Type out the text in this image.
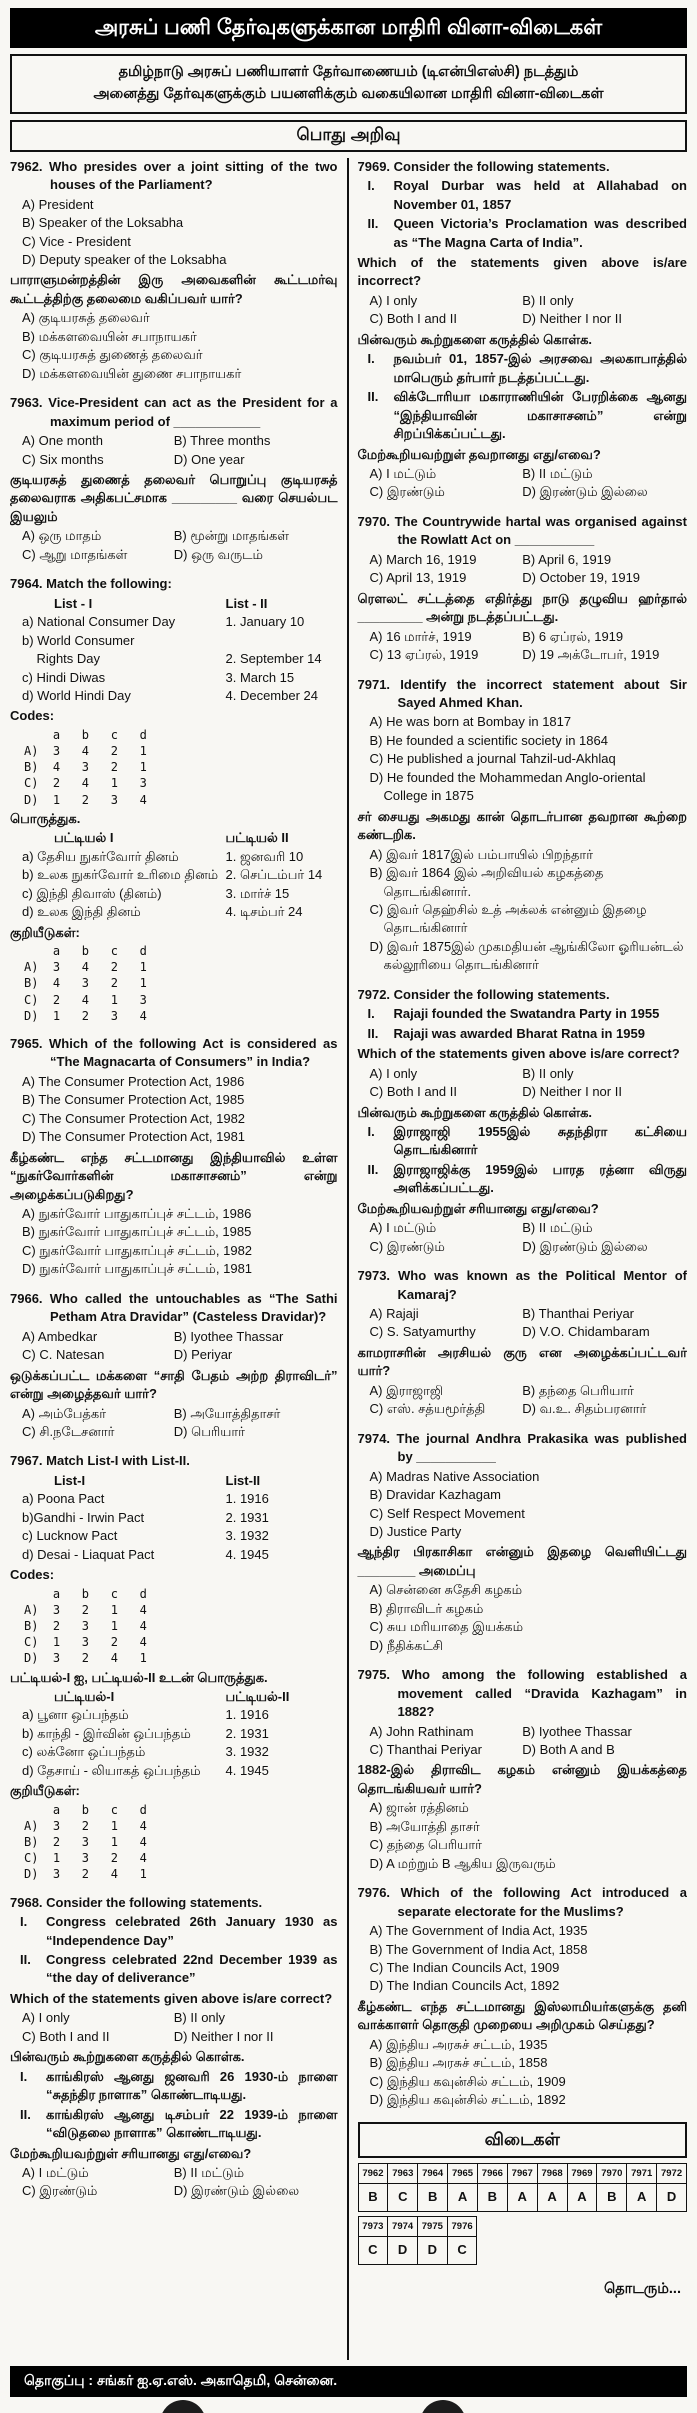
அரசுப் பணி தேர்வுகளுக்கான மாதிரி வினா-விடைகள்
தமிழ்நாடு அரசுப் பணியாளர் தேர்வாணையம் (டிஎன்பிஎஸ்சி) நடத்தும்
அனைத்து தேர்வுகளுக்கும் பயனளிக்கும் வகையிலான மாதிரி வினா-விடைகள்
பொது அறிவு
7962. Who presides over a joint sitting of the two houses of the Parliament?
A) President
B) Speaker of the Loksabha
C) Vice - President
D) Deputy speaker of the Loksabha
பாராளுமன்றத்தின் இரு அவைகளின் கூட்டமர்வு கூட்டத்திற்கு தலைமை வகிப்பவர் யார்?
A) குடியரசுத் தலைவர்
B) மக்களவையின் சபாநாயகர்
C) குடியரசுத் துணைத் தலைவர்
D) மக்களவையின் துணை சபாநாயகர்
7963. Vice-President can act as the President for a maximum period of ____________
A) One month	B) Three months
C) Six months	D) One year
குடியரசுத் துணைத் தலைவர் பொறுப்பு குடியரசுத் தலைவராக அதிகபட்சமாக _________ வரை செயல்பட இயலும்
A) ஒரு மாதம்	B) மூன்று மாதங்கள்
C) ஆறு மாதங்கள்	D) ஒரு வருடம்
7964. Match the following:
List - I	List - II
a) National Consumer Day	1. January 10
b) World Consumer
Rights Day	2. September 14
c) Hindi Diwas	3. March 15
d) World Hindi Day	4. December 24
Codes:
a   b   c   d
A)  3   4   2   1
B)  4   3   2   1
C)  2   4   1   3
D)  1   2   3   4
பொருத்துக.
பட்டியல் I	பட்டியல் II
a) தேசிய நுகர்வோர் தினம்	1. ஜனவரி 10
b) உலக நுகர்வோர் உரிமை தினம் 2. செப்டம்பர் 14
c) இந்தி திவாஸ் (தினம்)	3. மார்ச் 15
d) உலக இந்தி தினம்	4. டிசம்பர் 24
குறியீடுகள்:
a   b   c   d
A)  3   4   2   1
B)  4   3   2   1
C)  2   4   1   3
D)  1   2   3   4
7965. Which of the following Act is considered as “The Magnacarta of Consumers” in India?
A) The Consumer Protection Act, 1986
B) The Consumer Protection Act, 1985
C) The Consumer Protection Act, 1982
D) The Consumer Protection Act, 1981
கீழ்கண்ட எந்த சட்டமானது இந்தியாவில் உள்ள “நுகர்வோர்களின் மகாசாசனம்” என்று அழைக்கப்படுகிறது?
A) நுகர்வோர் பாதுகாப்புச் சட்டம், 1986
B) நுகர்வோர் பாதுகாப்புச் சட்டம், 1985
C) நுகர்வோர் பாதுகாப்புச் சட்டம், 1982
D) நுகர்வோர் பாதுகாப்புச் சட்டம், 1981
7966. Who called the untouchables as “The Sathi Petham Atra Dravidar” (Casteless Dravidar)?
A) Ambedkar	B) Iyothee Thassar
C) C. Natesan	D) Periyar
ஒடுக்கப்பட்ட மக்களை “சாதி பேதம் அற்ற திராவிடர்” என்று அழைத்தவர் யார்?
A) அம்பேத்கர்	B) அயோத்திதாசர்
C) சி.நடேசனார்	D) பெரியார்
7967. Match List-I with List-II.
List-I	List-II
a) Poona Pact	1. 1916
b)Gandhi - Irwin Pact	2. 1931
c) Lucknow Pact	3. 1932
d) Desai - Liaquat Pact	4. 1945
Codes:
a   b   c   d
A)  3   2   1   4
B)  2   3   1   4
C)  1   3   2   4
D)  3   2   4   1
பட்டியல்-I ஐ, பட்டியல்-II உடன் பொருத்துக.
பட்டியல்-I	பட்டியல்-II
a) பூனா ஒப்பந்தம்	1. 1916
b) காந்தி - இர்வின் ஒப்பந்தம்	2. 1931
c) லக்னோ ஒப்பந்தம்	3. 1932
d) தேசாய் - லியாகத் ஒப்பந்தம்	4. 1945
குறியீடுகள்:
a   b   c   d
A)  3   2   1   4
B)  2   3   1   4
C)  1   3   2   4
D)  3   2   4   1
7968. Consider the following statements.
I.	Congress celebrated 26th January 1930 as “Independence Day”
II.	Congress celebrated 22nd December 1939 as “the day of deliverance”
Which of the statements given above is/are correct?
A) I only	B) II only
C) Both I and II	D) Neither I nor II
பின்வரும் கூற்றுகளை கருத்தில் கொள்க.
I.	காங்கிரஸ் ஆனது ஜனவரி 26 1930-ம் நாளை “சுதந்திர நாளாக” கொண்டாடியது.
II.	காங்கிரஸ் ஆனது டிசம்பர் 22 1939-ம் நாளை “விடுதலை நாளாக” கொண்டாடியது.
மேற்கூறியவற்றுள் சரியானது எது/எவை?
A) I மட்டும்	B) II மட்டும்
C) இரண்டும்	D) இரண்டும் இல்லை
7969. Consider the following statements.
I.	Royal Durbar was held at Allahabad on November 01, 1857
II.	Queen Victoria’s Proclamation was described as “The Magna Carta of India”.
Which of the statements given above is/are incorrect?
A) I only	B) II only
C) Both I and II	D) Neither I nor II
பின்வரும் கூற்றுகளை கருத்தில் கொள்க.
I.	நவம்பர் 01, 1857-இல் அரசவை அலகாபாத்தில் மாபெரும் தர்பார் நடத்தப்பட்டது.
II.	விக்டோரியா மகாராணியின் பேரறிக்கை ஆனது “இந்தியாவின் மகாசாசனம்” என்று சிறப்பிக்கப்பட்டது.
மேற்கூறியவற்றுள் தவறானது எது/எவை?
A) I மட்டும்	B) II மட்டும்
C) இரண்டும்	D) இரண்டும் இல்லை
7970. The Countrywide hartal was organised against the Rowlatt Act on ___________
A) March 16, 1919	B) April 6, 1919
C) April 13, 1919	D) October 19, 1919
ரெளலட் சட்டத்தை எதிர்த்து நாடு தழுவிய ஹர்தால் _________ அன்று நடத்தப்பட்டது.
A) 16 மார்ச், 1919	B) 6 ஏப்ரல், 1919
C) 13 ஏப்ரல், 1919	D) 19 அக்டோபர், 1919
7971. Identify the incorrect statement about Sir Sayed Ahmed Khan.
A) He was born at Bombay in 1817
B) He founded a scientific society in 1864
C) He published a journal Tahzil-ud-Akhlaq
D) He founded the Mohammedan Anglo-oriental College in 1875
சர் சையது அகமது கான் தொடர்பான தவறான கூற்றை கண்டறிக.
A) இவர் 1817இல் பம்பாயில் பிறந்தார்
B) இவர் 1864 இல் அறிவியல் கழகத்தை தொடங்கினார்.
C) இவர் தெஹ்சில் உத் அக்லக் என்னும் இதழை தொடங்கினார்
D) இவர் 1875இல் முகமதியன் ஆங்கிலோ ஓரியன்டல் கல்லூரியை தொடங்கினார்
7972. Consider the following statements.
I.	Rajaji founded the Swatandra Party in 1955
II.	Rajaji was awarded Bharat Ratna in 1959
Which of the statements given above is/are correct?
A) I only	B) II only
C) Both I and II	D) Neither I nor II
பின்வரும் கூற்றுகளை கருத்தில் கொள்க.
I.	இராஜாஜி 1955இல் சுதந்திரா கட்சியை தொடங்கினார்
II.	இராஜாஜிக்கு 1959இல் பாரத ரத்னா விருது அளிக்கப்பட்டது.
மேற்கூறியவற்றுள் சரியானது எது/எவை?
A) I மட்டும்	B) II மட்டும்
C) இரண்டும்	D) இரண்டும் இல்லை
7973. Who was known as the Political Mentor of Kamaraj?
A) Rajaji	B) Thanthai Periyar
C) S. Satyamurthy	D) V.O. Chidambaram
காமராசரின் அரசியல் குரு என அழைக்கப்பட்டவர் யார்?
A) இராஜாஜி	B) தந்தை பெரியார்
C) எஸ். சத்யமூர்த்தி	D) வ.உ. சிதம்பரனார்
7974. The journal Andhra Prakasika was published by ___________
A) Madras Native Association
B) Dravidar Kazhagam
C) Self Respect Movement
D) Justice Party
ஆந்திர பிரகாசிகா என்னும் இதழை வெளியிட்டது ________ அமைப்பு
A) சென்னை சுதேசி கழகம்
B) திராவிடர் கழகம்
C) சுய மரியாதை இயக்கம்
D) நீதிக்கட்சி
7975. Who among the following established a movement called “Dravida Kazhagam” in 1882?
A) John Rathinam	B) Iyothee Thassar
C) Thanthai Periyar	D) Both A and B
1882-இல் திராவிட கழகம் என்னும் இயக்கத்தை தொடங்கியவர் யார்?
A) ஜான் ரத்தினம்
B) அயோத்தி தாசர்
C) தந்தை பெரியார்
D) A மற்றும் B ஆகிய இருவரும்
7976. Which of the following Act introduced a separate electorate for the Muslims?
A) The Government of India Act, 1935
B) The Government of India Act, 1858
C) The Indian Councils Act, 1909
D) The Indian Councils Act, 1892
கீழ்கண்ட எந்த சட்டமானது இஸ்லாமியர்களுக்கு தனி வாக்காளர் தொகுதி முறையை அறிமுகம் செய்தது?
A) இந்திய அரசுச் சட்டம், 1935
B) இந்திய அரசுச் சட்டம், 1858
C) இந்திய கவுன்சில் சட்டம், 1909
D) இந்திய கவுன்சில் சட்டம், 1892
விடைகள்
7962	7963	7964	7965	7966	7967	7968	7969	7970	7971	7972
B	C	B	A	B	A	A	A	B	A	D
7973	7974	7975	7976
C	D	D	C
தொடரும்...
தொகுப்பு : சங்கர் ஐ.ஏ.எஸ். அகாதெமி, சென்னை.
